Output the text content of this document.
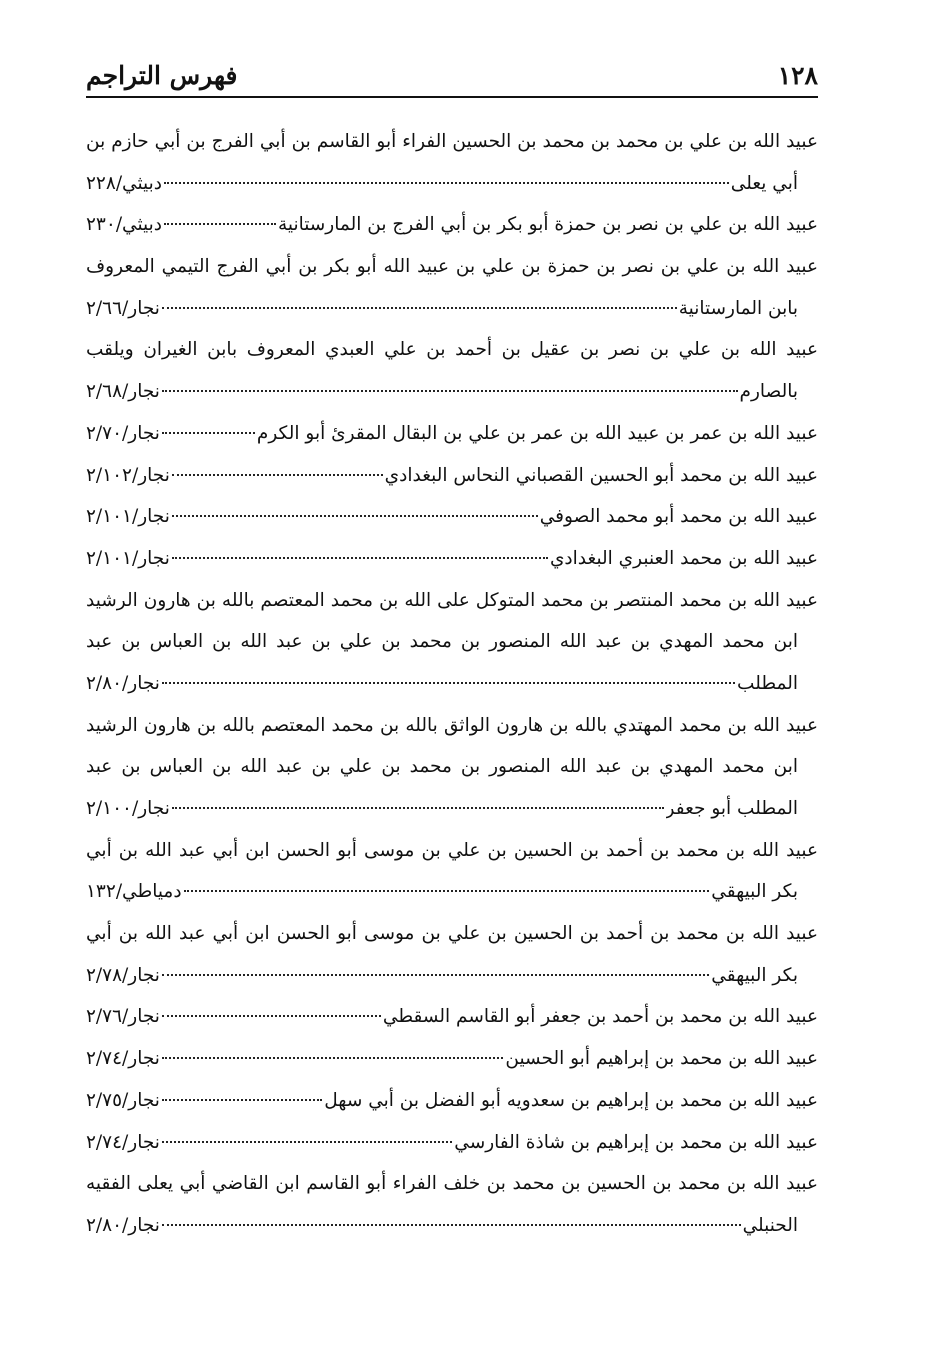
١٢٨
فهرس التراجم
عبيد الله بن علي بن محمد بن محمد بن الحسين الفراء أبو القاسم بن أبي الفرج بن أبي حازم بن
أبي يعلى
دبيثي/٢٢٨
عبيد الله بن علي بن نصر بن حمزة أبو بكر بن أبي الفرج بن المارستانية
دبيثي/٢٣٠
عبيد الله بن علي بن نصر بن حمزة بن علي بن عبيد الله أبو بكر بن أبي الفرج التيمي المعروف
بابن المارستانية
نجار/٢/٦٦
عبيد الله بن علي بن نصر بن عقيل بن أحمد بن علي العبدي المعروف بابن الغيران ويلقب
بالصارم
نجار/٢/٦٨
عبيد الله بن عمر بن عبيد الله بن عمر بن علي بن البقال المقرئ أبو الكرم
نجار/٢/٧٠
عبيد الله بن محمد أبو الحسين القصباني النحاس البغدادي
نجار/٢/١٠٢
عبيد الله بن محمد أبو محمد الصوفي
نجار/٢/١٠١
عبيد الله بن محمد العنبري البغدادي
نجار/٢/١٠١
عبيد الله بن محمد المنتصر بن محمد المتوكل على الله بن محمد المعتصم بالله بن هارون الرشيد
ابن محمد المهدي بن عبد الله المنصور بن محمد بن علي بن عبد الله بن العباس بن عبد
المطلب
نجار/٢/٨٠
عبيد الله بن محمد المهتدي بالله بن هارون الواثق بالله بن محمد المعتصم بالله بن هارون الرشيد
ابن محمد المهدي بن عبد الله المنصور بن محمد بن علي بن عبد الله بن العباس بن عبد
المطلب أبو جعفر
نجار/٢/١٠٠
عبيد الله بن محمد بن أحمد بن الحسين بن علي بن موسى أبو الحسن ابن أبي عبد الله بن أبي
بكر البيهقي
دمياطي/١٣٢
عبيد الله بن محمد بن أحمد بن الحسين بن علي بن موسى أبو الحسن ابن أبي عبد الله بن أبي
بكر البيهقي
نجار/٢/٧٨
عبيد الله بن محمد بن أحمد بن جعفر أبو القاسم السقطي
نجار/٢/٧٦
عبيد الله بن محمد بن إبراهيم أبو الحسين
نجار/٢/٧٤
عبيد الله بن محمد بن إبراهيم بن سعدويه أبو الفضل بن أبي سهل
نجار/٢/٧٥
عبيد الله بن محمد بن إبراهيم بن شاذة الفارسي
نجار/٢/٧٤
عبيد الله بن محمد بن الحسين بن محمد بن خلف الفراء أبو القاسم ابن القاضي أبي يعلى الفقيه
الحنبلي
نجار/٢/٨٠
